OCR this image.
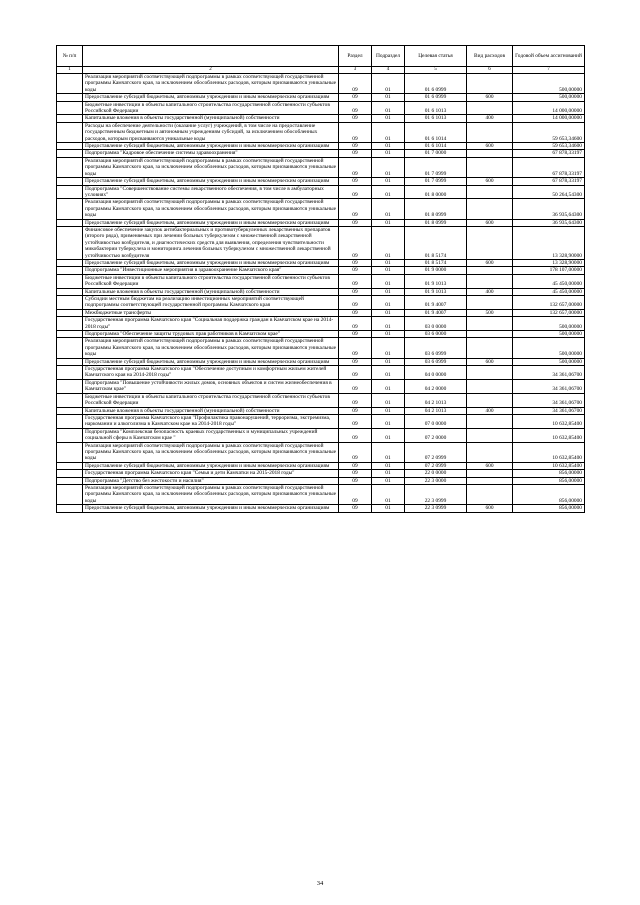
№ п/п		Раздел	Подраздел	Целевая статья	Вид расходов	Годовой объем ассигнований
1	2	3	4	5	6	7
	Реализация мероприятий соответствующей подпрограммы в рамках соответствующей государственной программы Камчатского края, за исключением обособленных расходов, которым присваиваются уникальные коды	09	01	01 6 0999		500,00000
	Предоставление субсидий бюджетным, автономным учреждениям и иным некоммерческим организациям	09	01	01 6 0999	600	500,00000
	Бюджетные инвестиции в объекты капитального строительства государственной собственности субъектов Российской Федерации	09	01	01 6 1013		14 000,00000
	Капитальные вложения в объекты государственной (муниципальной) собственности	09	01	01 6 1013	400	14 000,00000
	Расходы на обеспечение деятельности (оказание услуг) учреждений, в том числе на предоставление государственным бюджетным и автономным учреждениям субсидий, за исключением обособленных расходов, которым присваиваются уникальные коды	09	01	01 6 1014		59 653,34600
	Предоставление субсидий бюджетным, автономным учреждениям и иным некоммерческим организациям	09	01	01 6 1014	600	59 653,34600
	Подпрограмма "Кадровое обеспечение системы здравоохранения"	09	01	01 7 0000		67 878,33197
	Реализация мероприятий соответствующей подпрограммы в рамках соответствующей государственной программы Камчатского края, за исключением обособленных расходов, которым присваиваются уникальные коды	09	01	01 7 0999		67 878,33197
	Предоставление субсидий бюджетным, автономным учреждениям и иным некоммерческим организациям	09	01	01 7 0999	600	67 878,33197
	Подпрограмма "Совершенствование системы лекарственного обеспечения, в том числе в амбулаторных условиях"	09	01	01 8 0000		50 264,54300
	Реализация мероприятий соответствующей подпрограммы в рамках соответствующей государственной программы Камчатского края, за исключением обособленных расходов, которым присваиваются уникальные коды	09	01	01 8 0999		36 935,64300
	Предоставление субсидий бюджетным, автономным учреждениям и иным некоммерческим организациям	09	01	01 8 0999	600	36 935,64300
	Финансовое обеспечение закупок антибактериальных и противотуберкулезных лекарственных препаратов (второго ряда), применяемых при лечении больных туберкулезом с множественной лекарственной устойчивостью возбудителя, и диагностических средств для выявления, определения чувствительности микобактерии туберкулеза и мониторинга лечения больных туберкулезом с множественной лекарственной устойчивостью возбудителя	09	01	01 8 5174		13 328,90000
	Предоставление субсидий бюджетным, автономным учреждениям и иным некоммерческим организациям	09	01	01 8 5174	600	13 328,90000
	Подпрограмма "Инвестиционные мероприятия в здравоохранение Камчатского края"	09	01	01 9 0000		178 107,00000
	Бюджетные инвестиции в объекты капитального строительства государственной собственности субъектов Российской Федерации	09	01	01 9 1013		45 450,00000
	Капитальные вложения в объекты государственной (муниципальной) собственности	09	01	01 9 1013	400	45 450,00000
	Субсидии местным бюджетам на реализацию инвестиционных мероприятий соответствующей подпрограммы соответствующей государственной программы Камчатского края	09	01	01 9 4007		132 657,00000
	Межбюджетные трансферты	09	01	01 9 4007	500	132 657,00000
	Государственная программа Камчатского края "Социальная поддержка граждан в Камчатском крае на 2014-2018 годы"	09	01	03 0 0000		500,00000
	Подпрограмма "Обеспечение защиты трудовых прав работников в Камчатском крае"	09	01	03 6 0000		500,00000
	Реализация мероприятий соответствующей подпрограммы в рамках соответствующей государственной программы Камчатского края, за исключением обособленных расходов, которым присваиваются уникальные коды	09	01	03 6 0999		500,00000
	Предоставление субсидий бюджетным, автономным учреждениям и иным некоммерческим организациям	09	01	03 6 0999	600	500,00000
	Государственная программа Камчатского края "Обеспечение доступным и комфортным жильем жителей Камчатского края на 2014-2018 годы"	09	01	04 0 0000		34 361,06700
	Подпрограмма "Повышение устойчивости жилых домов, основных объектов и систем жизнеобеспечения в Камчатском крае"	09	01	04 2 0000		34 361,06700
	Бюджетные инвестиции в объекты капитального строительства государственной собственности субъектов Российской Федерации	09	01	04 2 1013		34 361,06700
	Капитальные вложения в объекты государственной (муниципальной) собственности	09	01	04 2 1013	400	34 361,06700
	Государственная программа Камчатского края "Профилактика правонарушений, терроризма, экстремизма, наркомании и алкоголизма в Камчатском крае на 2014-2018 годы"	09	01	07 0 0000		10 632,85400
	Подпрограмма "Комплексная безопасность краевых государственных и муниципальных учреждений социальной сферы в Камчатском крае "	09	01	07 2 0000		10 632,85400
	Реализация мероприятий соответствующей подпрограммы в рамках соответствующей государственной программы Камчатского края, за исключением обособленных расходов, которым присваиваются уникальные коды	09	01	07 2 0999		10 632,85400
	Предоставление субсидий бюджетным, автономным учреждениям и иным некоммерческим организациям	09	01	07 2 0999	600	10 632,85400
	Государственная программа Камчатского края "Семья и дети Камчатки на 2015-2018 годы"	09	01	22 0 0000		856,00000
	Подпрограмма "Детство без жестокости и насилия"	09	01	22 3 0000		856,00000
	Реализация мероприятий соответствующей подпрограммы в рамках соответствующей государственной программы Камчатского края, за исключением обособленных расходов, которым присваиваются уникальные коды	09	01	22 3 0999		856,00000
	Предоставление субсидий бюджетным, автономным учреждениям и иным некоммерческим организациям	09	01	22 3 0999	600	856,00000
34
